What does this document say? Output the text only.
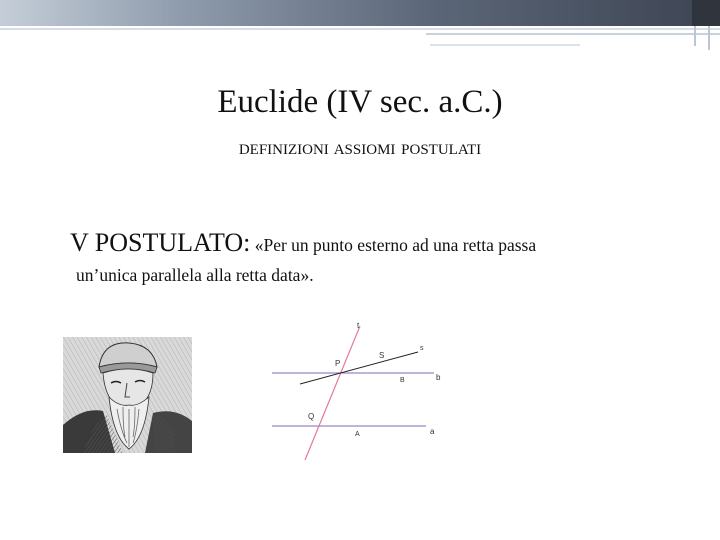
Euclide (IV sec. a.C.)
DEFINIZIONI ASSIOMI POSTULATI
V POSTULATO: «Per un punto esterno ad una retta passa
un’unica parallela alla retta data».
t
P
S
s
b
B
Q
A	a
